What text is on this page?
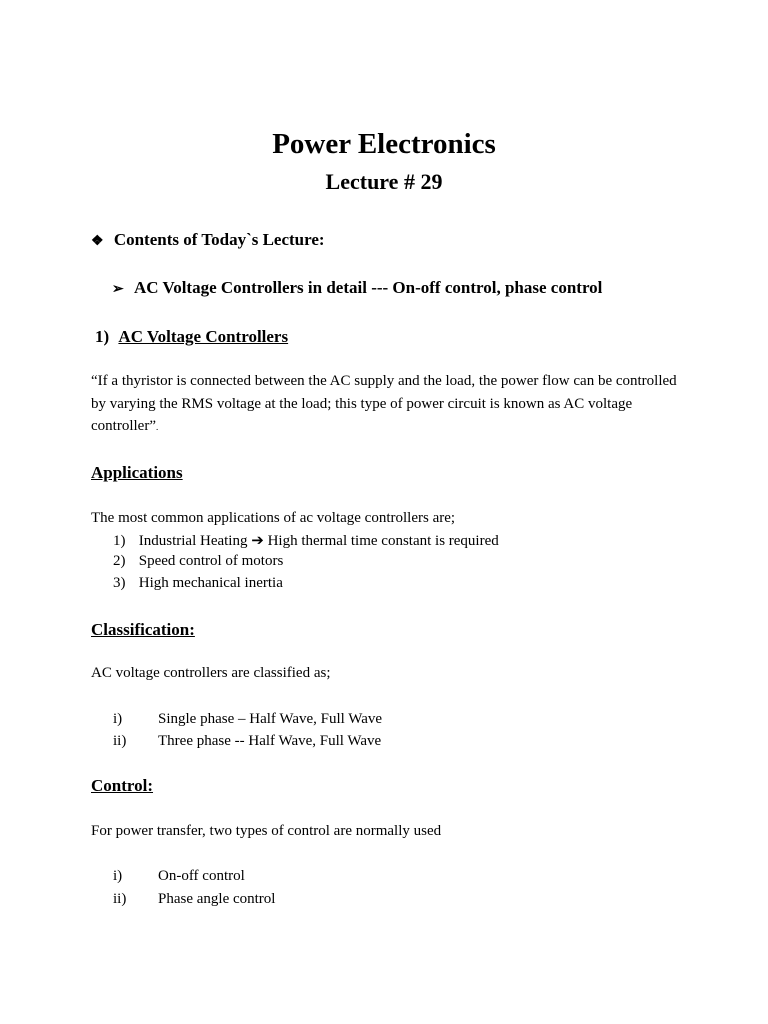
Power Electronics
Lecture # 29
❖ Contents of Today`s Lecture:
➢ AC Voltage Controllers in detail --- On-off control, phase control
1) AC Voltage Controllers
“If a thyristor is connected between the AC supply and the load, the power flow can be controlled by varying the RMS voltage at the load; this type of power circuit is known as AC voltage controller”.
Applications
The most common applications of ac voltage controllers are;
1) Industrial Heating ➔ High thermal time constant is required
2) Speed control of motors
3) High mechanical inertia
Classification:
AC voltage controllers are classified as;
i) Single phase – Half Wave, Full Wave
ii) Three phase -- Half Wave, Full Wave
Control:
For power transfer, two types of control are normally used
i) On-off control
ii) Phase angle control
